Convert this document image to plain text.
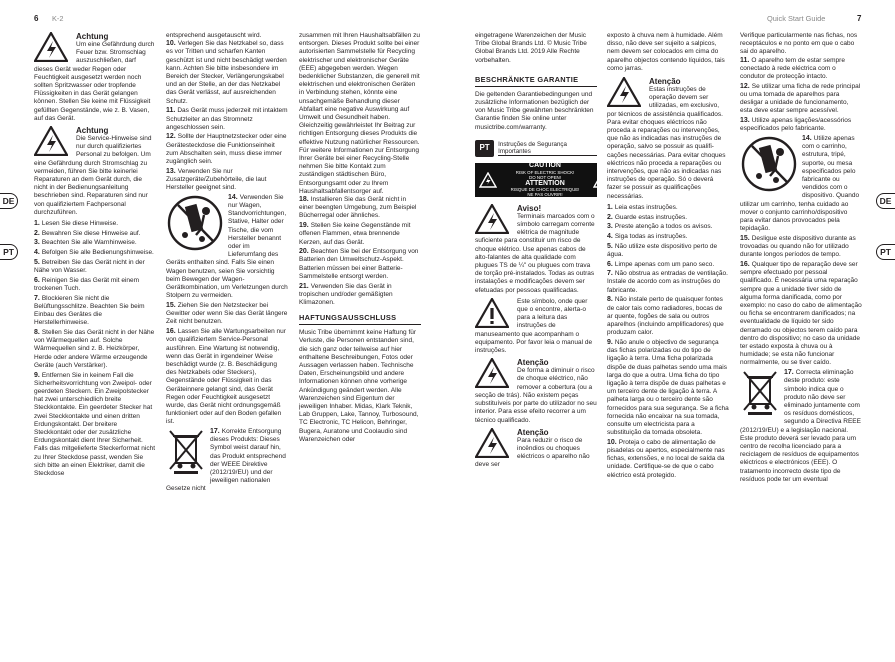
6 K-2
DE
PT
Achtung

Um eine Gefährdung durch Feuer bzw. Stromschlag auszuschließen, darf dieses Gerät weder Regen oder Feuchtigkeit ausgesetzt werden noch sollten Spritzwasser oder tropfende Flüssigkeiten in das Gerät gelangen können. Stellen Sie keine mit Flüssigkeit gefüllten Gegenstände, wie z. B. Vasen, auf das Gerät.

Achtung

Die Service-Hinweise sind nur durch qualifiziertes Personal zu befolgen. Um eine Gefährdung durch Stromschlag zu vermeiden, führen Sie bitte keinerlei Reparaturen an dem Gerät durch, die nicht in der Bedienungsanleitung beschrieben sind. Reparaturen sind nur von qualifiziertem Fachpersonal durchzuführen.

1. Lesen Sie diese Hinweise.
2. Bewahren Sie diese Hinweise auf.
3. Beachten Sie alle Warnhinweise.
4. Befolgen Sie alle Bedienungshinweise.
5. Betreiben Sie das Gerät nicht in der Nähe von Wasser.
6. Reinigen Sie das Gerät mit einem trockenen Tuch.
7. Blockieren Sie nicht die Belüftungsschlitze. Beachten Sie beim Einbau des Gerätes die Herstellerhinweise.
8. Stellen Sie das Gerät nicht in der Nähe von Wärmequellen auf. Solche Wärmequellen sind z. B. Heizkörper, Herde oder andere Wärme erzeugende Geräte (auch Verstärker).
9. Entfernen Sie in keinem Fall die Sicherheitsvorrichtung von Zweipol- oder geerdeten Steckern. Ein Zweipolstecker hat zwei unterschiedlich breite Steckkontakte. Ein geerdeter Stecker hat zwei Steckkontakte und einen dritten Erdungskontakt. Der breitere Steckkontakt oder der zusätzliche Erdungskontakt dient Ihrer Sicherheit. Falls das mitgelieferte Steckerformat nicht zu Ihrer Steckdose passt, wenden Sie sich bitte an einen Elektriker, damit die Steckdose

entsprechend ausgetauscht wird.

10. Verlegen Sie das Netzkabel so, dass es vor Tritten und scharfen Kanten geschützt ist und nicht beschädigt werden kann. Achten Sie bitte insbesondere im Bereich der Stecker, Verlängerungskabel und an der Stelle, an der das Netzkabel das Gerät verlässt, auf ausreichenden Schutz.
11. Das Gerät muss jederzeit mit intaktem Schutzleiter an das Stromnetz angeschlossen sein.
12. Sollte der Hauptnetzstecker oder eine Gerätesteckdose die Funktionseinheit zum Abschalten sein, muss diese immer zugänglich sein.
13. Verwenden Sie nur Zusatzgeräte/Zubehörteile, die laut Hersteller geeignet sind.
14. Verwenden Sie nur Wagen, Standvorrichtungen, Stative, Halter oder Tische, die vom Hersteller benannt oder im Lieferumfang des Geräts enthalten sind. Falls Sie einen Wagen benutzen, seien Sie vorsichtig beim Bewegen der Wagen-Gerätkombination, um Verletzungen durch Stolpern zu vermeiden.
15. Ziehen Sie den Netzstecker bei Gewitter oder wenn Sie das Gerät längere Zeit nicht benutzen.
16. Lassen Sie alle Wartungsarbeiten nur von qualifiziertem Service-Personal ausführen. Eine Wartung ist notwendig, wenn das Gerät in irgendeiner Weise beschädigt wurde (z. B. Beschädigung des Netzkabels oder Steckers), Gegenstände oder Flüssigkeit in das Geräteinnere gelangt sind, das Gerät Regen oder Feuchtigkeit ausgesetzt wurde, das Gerät nicht ordnungsgemäß funktioniert oder auf den Boden gefallen ist.
17. Korrekte Entsorgung dieses Produkts: Dieses Symbol weist darauf hin, das Produkt entsprechend der WEEE Direktive (2012/19/EU) und der jeweiligen nationalen Gesetze nicht

zusammen mit Ihren Haushaltsabfällen zu entsorgen. Dieses Produkt sollte bei einer autorisierten Sammelstelle für Recycling elektrischer und elektronischer Geräte (EEE) abgegeben werden. Wegen bedenklicher Substanzen, die generell mit elektrischen und elektronischen Geräten in Verbindung stehen, könnte eine unsachgemäße Behandlung dieser Abfallart eine negative Auswirkung auf Umwelt und Gesundheit haben. Gleichzeitig gewährleistet Ihr Beitrag zur richtigen Entsorgung dieses Produkts die effektive Nutzung natürlicher Ressourcen. Für weitere Informationen zur Entsorgung Ihrer Geräte bei einer Recycling-Stelle nehmen Sie bitte Kontakt zum zuständigen städtischen Büro, Entsorgungsamt oder zu Ihrem Haushaltsabfallentsorger auf.

18. Installieren Sie das Gerät nicht in einer beengten Umgebung, zum Beispiel Bücherregal oder ähnliches.
19. Stellen Sie keine Gegenstände mit offenen Flammen, etwa brennende Kerzen, auf das Gerät.
20. Beachten Sie bei der Entsorgung von Batterien den Umweltschutz-Aspekt. Batterien müssen bei einer Batterie-Sammelstelle entsorgt werden.
21. Verwenden Sie das Gerät in tropischen und/oder gemäßigten Klimazonen.
HAFTUNGSAUSSCHLUSS

Music Tribe übernimmt keine Haftung für Verluste, die Personen entstanden sind, die sich ganz oder teilweise auf hier enthaltene Beschreibungen, Fotos oder Aussagen verlassen haben. Technische Daten, Erscheinungsbild und andere Informationen können ohne vorherige Ankündigung geändert werden. Alle Warenzeichen sind Eigentum der jeweiligen Inhaber. Midas, Klark Teknik, Lab Gruppen, Lake, Tannoy, Turbosound, TC Electronic, TC Helicon, Behringer, Bugera, Auratone und Coolaudio sind Warenzeichen oder

Quick Start Guide	7
DE
PT

eingetragene Warenzeichen der Music Tribe Global Brands Ltd. © Music Tribe Global Brands Ltd. 2019 Alle Rechte vorbehalten.

BESCHRÄNKTE GARANTIE

Die geltenden Garantiebedingungen und zusätzliche Informationen bezüglich der von Music Tribe gewährten beschränkten Garantie finden Sie online unter musictribe.com/warranty.

PT	Instruções de Segurança Importantes
CAUTION
RISK OF ELECTRIC SHOCK!
DO NOT OPEN!
ATTENTION
RISQUE DE CHOC ELECTRIQUE!
NE PAS OUVRIR!
Aviso!

Terminais marcados com o símbolo carregam corrente elétrica de magnitude suficiente para constituir um risco de choque elétrico. Use apenas cabos de alto-falantes de alta qualidade com plugues TS de ¼" ou plugues com trava de torção pré-instalados. Todas as outras instalações e modificações devem ser efetuadas por pessoas qualificadas.

Este símbolo, onde quer que o encontre, alerta-o para a leitura das instruções de manuseamento que acompanham o equipamento. Por favor leia o manual de instruções.

Atenção

De forma a diminuir o risco de choque eléctrico, não remover a cobertura (ou a secção de trás). Não existem peças substituíveis por parte do utilizador no seu interior. Para esse efeito recorrer a um técnico qualificado.

Atenção

Para reduzir o risco de incêndios ou choques eléctricos o aparelho não deve ser

exposto à chuva nem à humidade. Além disso, não deve ser sujeito a salpicos, nem devem ser colocados em cima do aparelho objectos contendo líquidos, tais como jarras.

Atenção

Estas instruções de operação devem ser utilizadas, em exclusivo, por técnicos de assistência qualificados. Para evitar choques eléctricos não proceda a reparações ou intervenções, que não as indicadas nas instruções de operação, salvo se possuir as qualifi-cações necessárias. Para evitar choques eléctricos não proceda a reparações ou intervenções, que não as indicadas nas instruções de operação. Só o deverá fazer se possuir as qualificações necessárias.

1. Leia estas instruções.
2. Guarde estas instruções.
3. Preste atenção a todos os avisos.
4. Siga todas as instruções.
5. Não utilize este dispositivo perto de água.
6. Limpe apenas com um pano seco.
7. Não obstrua as entradas de ventilação. Instale de acordo com as instruções do fabricante.
8. Não instale perto de quaisquer fontes de calor tais como radiadores, bocas de ar quente, fogões de sala ou outros aparelhos (incluindo amplificadores) que produzam calor.
9. Não anule o objectivo de segurança das fichas polarizadas ou do tipo de ligação à terra. Uma ficha polarizada dispõe de duas palhetas sendo uma mais larga do que a outra. Uma ficha do tipo ligação à terra dispõe de duas palhetas e um terceiro dente de ligação à terra. A palheta larga ou o terceiro dente são fornecidos para sua segurança. Se a ficha fornecida não encaixar na sua tomada, consulte um electricista para a substituição da tomada obsoleta.
10. Proteja o cabo de alimentação de pisadelas ou apertos, especialmente nas fichas, extensões, e no local de saída da unidade. Certifique-se de que o cabo eléctrico está protegido.

Verifique particularmente nas fichas, nos receptáculos e no ponto em que o cabo sai do aparelho.

11. O aparelho tem de estar sempre conectado à rede eléctrica com o condutor de protecção intacto.
12. Se utilizar uma ficha de rede principal ou uma tomada de aparelhos para desligar a unidade de funcionamento, esta deve estar sempre acessível.
13. Utilize apenas ligações/acessórios especificados pelo fabricante.
14. Utilize apenas com o carrinho, estrutura, tripé, suporte, ou mesa especificados pelo fabricante ou vendidos com o dispositivo. Quando utilizar um carrinho, tenha cuidado ao mover o conjunto carrinho/dispositivo para evitar danos provocados pela tepidação.
15. Desligue este dispositivo durante as trovoadas ou quando não for utilizado durante longos períodos de tempo.
16. Qualquer tipo de reparação deve ser sempre efectuado por pessoal qualificado. É necessária uma reparação sempre que a unidade tiver sido de alguma forma danificada, como por exemplo: no caso do cabo de alimentação ou ficha se encontrarem danificados; na eventualidade de líquido ter sido derramado ou objectos terem caído para dentro do dispositivo; no caso da unidade ter estado exposta à chuva ou à humidade; se esta não funcionar normalmente, ou se tiver caído.
17. Correcta eliminação deste produto: este símbolo indica que o produto não deve ser eliminado juntamente com os resíduos domésticos, segundo a Directiva REEE (2012/19/EU) e a legislação nacional. Este produto deverá ser levado para um centro de recolha licenciado para a reciclagem de resíduos de equipamentos eléctricos e electrónicos (EEE). O tratamento incorrecto deste tipo de resíduos pode ter um eventual
